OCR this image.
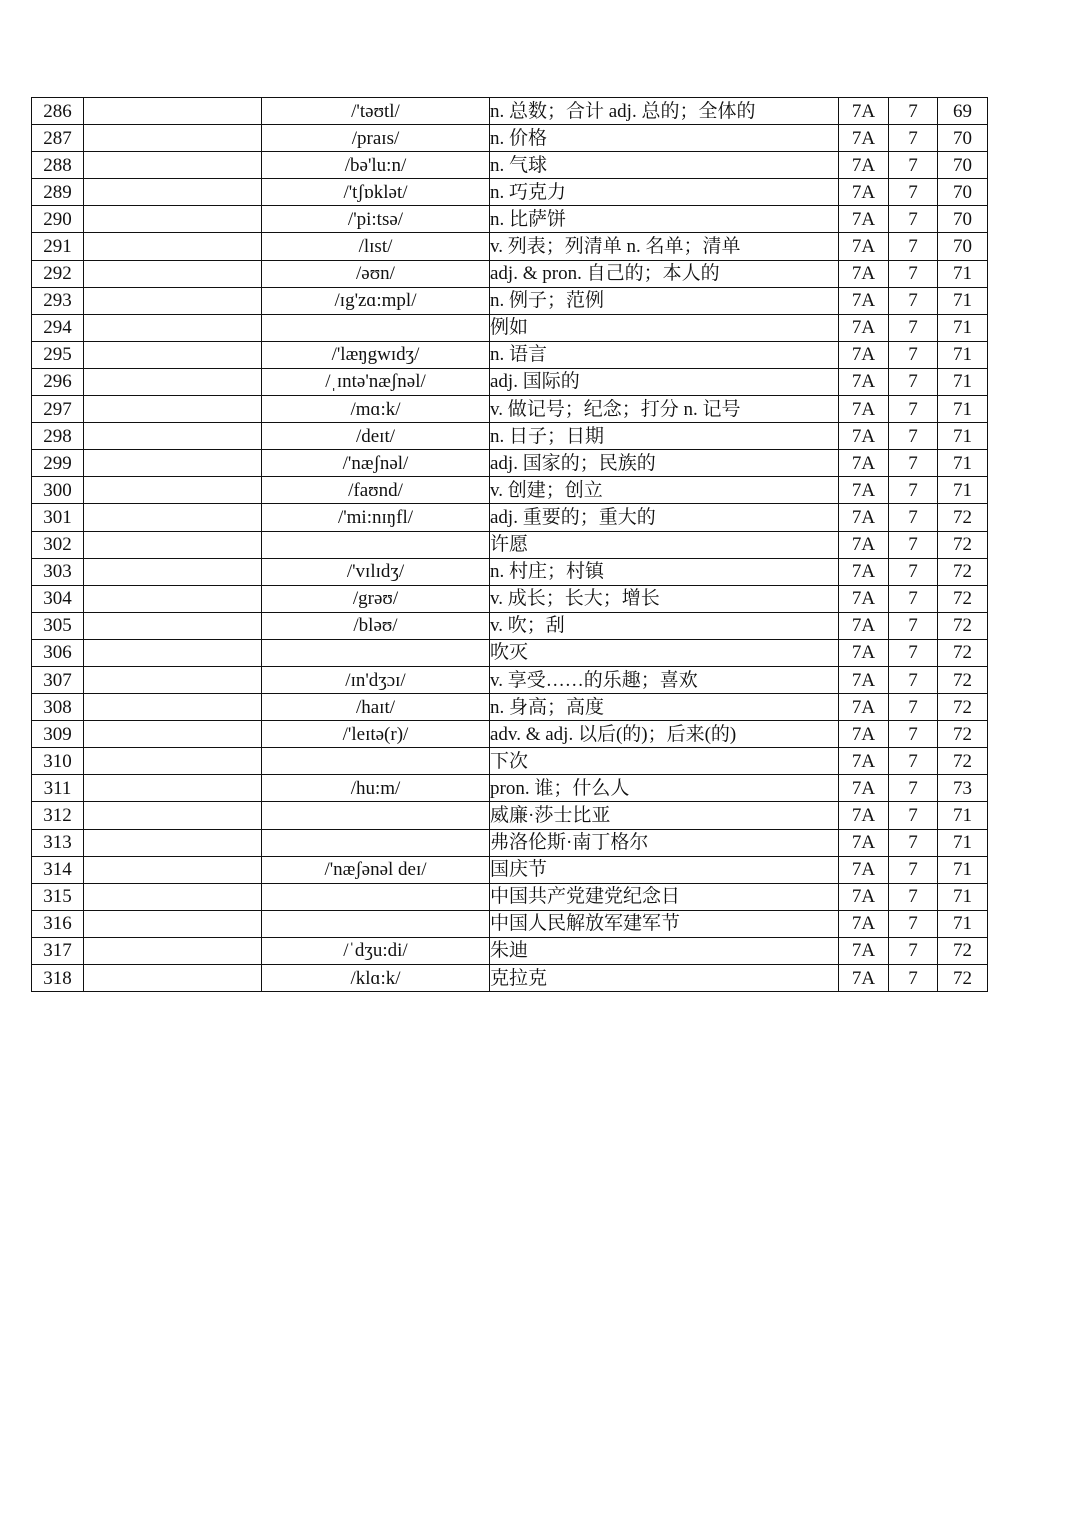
286		/'təʊtl/	n. 总数；合计 adj. 总的；全体的	7A	7	69
287		/praɪs/	n. 价格	7A	7	70
288		/bə'lu:n/	n. 气球	7A	7	70
289		/'tʃɒklət/	n. 巧克力	7A	7	70
290		/'pi:tsə/	n. 比萨饼	7A	7	70
291		/lɪst/	v. 列表；列清单 n. 名单；清单	7A	7	70
292		/əʊn/	adj. & pron. 自己的；本人的	7A	7	71
293		/ɪg'zɑ:mpl/	n. 例子；范例	7A	7	71
294			例如	7A	7	71
295		/'læŋgwɪdʒ/	n. 语言	7A	7	71
296		/ˌɪntə'næʃnəl/	adj. 国际的	7A	7	71
297		/mɑ:k/	v. 做记号；纪念；打分 n. 记号	7A	7	71
298		/deɪt/	n. 日子；日期	7A	7	71
299		/'næʃnəl/	adj. 国家的；民族的	7A	7	71
300		/faʊnd/	v. 创建；创立	7A	7	71
301		/'mi:nɪŋfl/	adj. 重要的；重大的	7A	7	72
302			许愿	7A	7	72
303		/'vɪlɪdʒ/	n. 村庄；村镇	7A	7	72
304		/grəʊ/	v. 成长；长大；增长	7A	7	72
305		/bləʊ/	v. 吹；刮	7A	7	72
306			吹灭	7A	7	72
307		/ɪn'dʒɔɪ/	v. 享受……的乐趣；喜欢	7A	7	72
308		/haɪt/	n. 身高；高度	7A	7	72
309		/'leɪtə(r)/	adv. & adj. 以后(的)；后来(的)	7A	7	72
310			下次	7A	7	72
311		/hu:m/	pron. 谁；什么人	7A	7	73
312			威廉·莎士比亚	7A	7	71
313			弗洛伦斯·南丁格尔	7A	7	71
314		/'næʃənəl deɪ/	国庆节	7A	7	71
315			中国共产党建党纪念日	7A	7	71
316			中国人民解放军建军节	7A	7	71
317		/ˈdʒu:di/	朱迪	7A	7	72
318		/klɑ:k/	克拉克	7A	7	72
